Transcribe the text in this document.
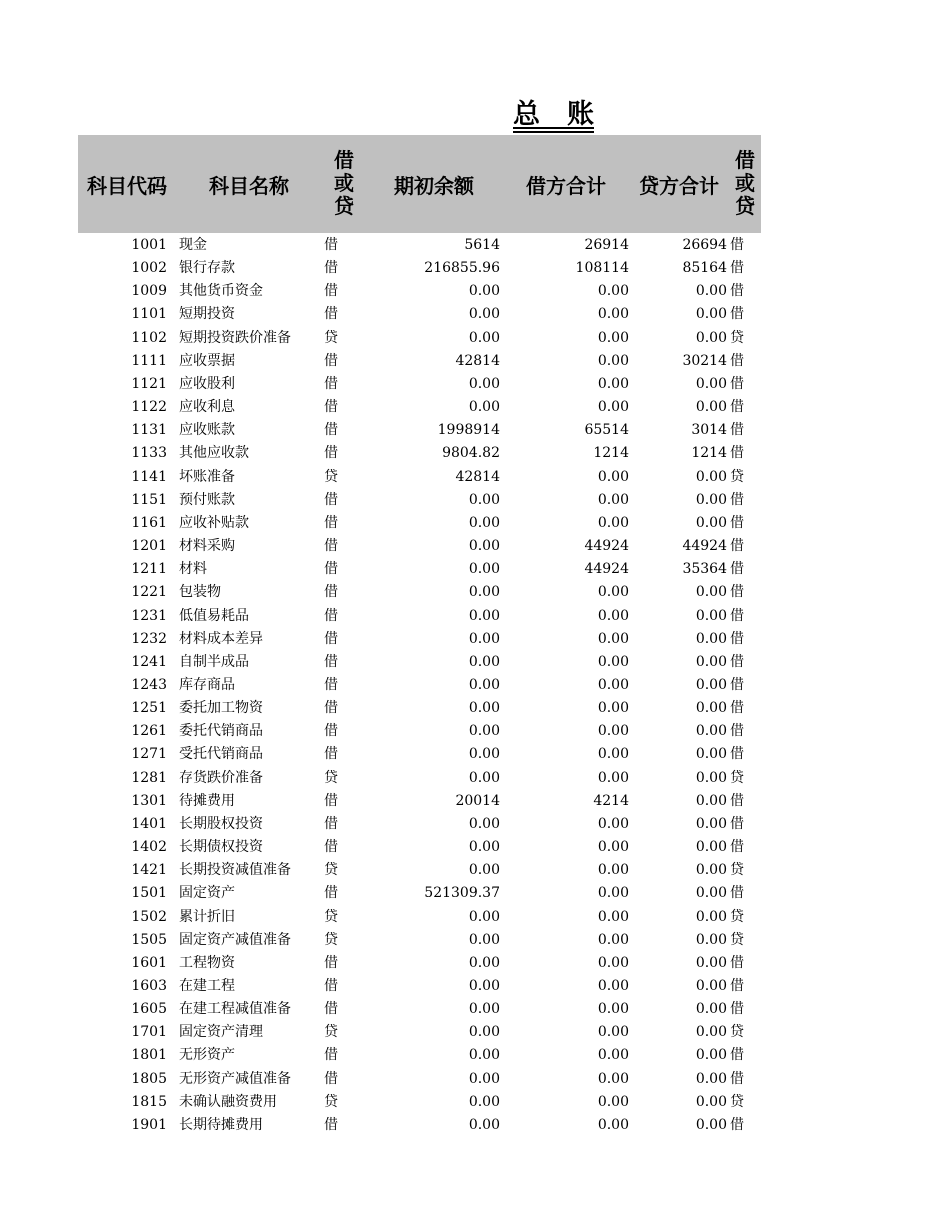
总　账
科目代码	科目名称
借
或
贷
期初余额	借方合计	贷方合计
借
或
贷
1001 现金	借	5614	26914	26694 借
1002 银行存款	借	216855.96	108114	85164 借
1009 其他货币资金	借	0.00	0.00	0.00 借
1101 短期投资	借	0.00	0.00	0.00 借
1102 短期投资跌价准备 贷	0.00	0.00	0.00 贷
1111 应收票据	借	42814	0.00	30214 借
1121 应收股利	借	0.00	0.00	0.00 借
1122 应收利息	借	0.00	0.00	0.00 借
1131 应收账款	借	1998914	65514	3014 借
1133 其他应收款	借	9804.82	1214	1214 借
1141 坏账准备	贷	42814	0.00	0.00 贷
1151 预付账款	借	0.00	0.00	0.00 借
1161 应收补贴款	借	0.00	0.00	0.00 借
1201 材料采购	借	0.00	44924	44924 借
1211 材料	借	0.00	44924	35364 借
1221 包装物	借	0.00	0.00	0.00 借
1231 低值易耗品	借	0.00	0.00	0.00 借
1232 材料成本差异	借	0.00	0.00	0.00 借
1241 自制半成品	借	0.00	0.00	0.00 借
1243 库存商品	借	0.00	0.00	0.00 借
1251 委托加工物资	借	0.00	0.00	0.00 借
1261 委托代销商品	借	0.00	0.00	0.00 借
1271 受托代销商品	借	0.00	0.00	0.00 借
1281 存货跌价准备	贷	0.00	0.00	0.00 贷
1301 待摊费用	借	20014	4214	0.00 借
1401 长期股权投资	借	0.00	0.00	0.00 借
1402 长期债权投资	借	0.00	0.00	0.00 借
1421 长期投资减值准备 贷	0.00	0.00	0.00 贷
1501 固定资产	借	521309.37	0.00	0.00 借
1502 累计折旧	贷	0.00	0.00	0.00 贷
1505 固定资产减值准备 贷	0.00	0.00	0.00 贷
1601 工程物资	借	0.00	0.00	0.00 借
1603 在建工程	借	0.00	0.00	0.00 借
1605 在建工程减值准备 借	0.00	0.00	0.00 借
1701 固定资产清理	贷	0.00	0.00	0.00 贷
1801 无形资产	借	0.00	0.00	0.00 借
1805 无形资产减值准备 借	0.00	0.00	0.00 借
1815 未确认融资费用	贷	0.00	0.00	0.00 贷
1901 长期待摊费用	借	0.00	0.00	0.00 借
